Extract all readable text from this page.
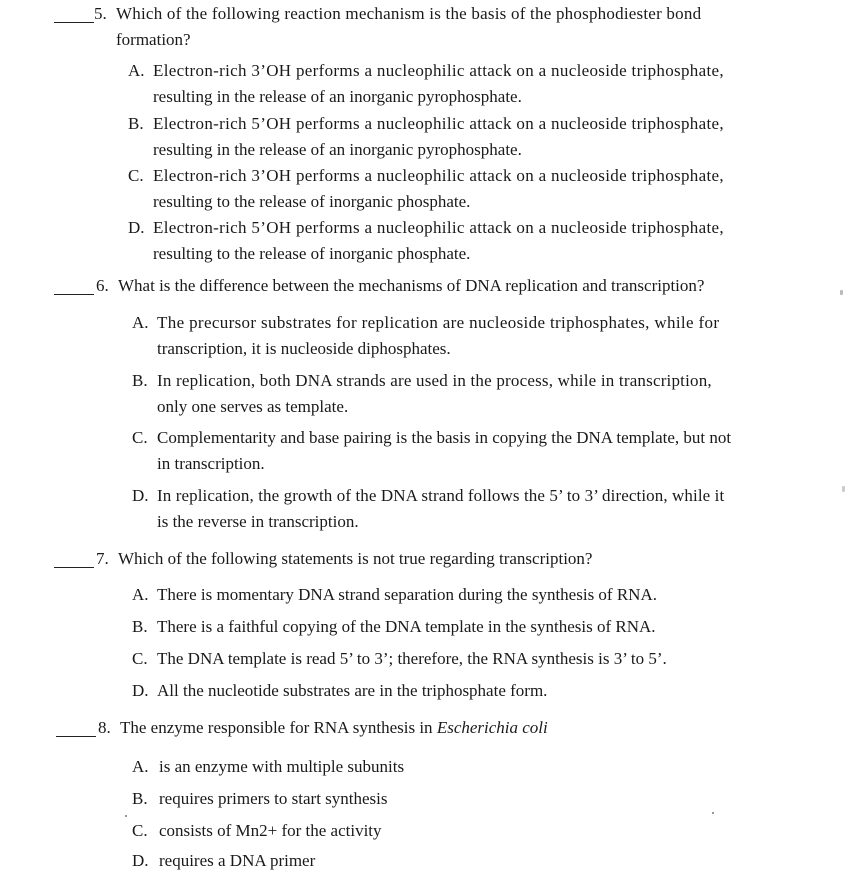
5. Which of the following reaction mechanism is the basis of the phosphodiester bond
formation?
A. Electron-rich 3’OH performs a nucleophilic attack on a nucleoside triphosphate,
resulting in the release of an inorganic pyrophosphate.
B. Electron-rich 5’OH performs a nucleophilic attack on a nucleoside triphosphate,
resulting in the release of an inorganic pyrophosphate.
C. Electron-rich 3’OH performs a nucleophilic attack on a nucleoside triphosphate,
resulting to the release of inorganic phosphate.
D. Electron-rich 5’OH performs a nucleophilic attack on a nucleoside triphosphate,
resulting to the release of inorganic phosphate.
6. What is the difference between the mechanisms of DNA replication and transcription?
A. The precursor substrates for replication are nucleoside triphosphates, while for
transcription, it is nucleoside diphosphates.
B. In replication, both DNA strands are used in the process, while in transcription,
only one serves as template.
C. Complementarity and base pairing is the basis in copying the DNA template, but not
in transcription.
D. In replication, the growth of the DNA strand follows the 5’ to 3’ direction, while it
is the reverse in transcription.
7. Which of the following statements is not true regarding transcription?
A. There is momentary DNA strand separation during the synthesis of RNA.
B. There is a faithful copying of the DNA template in the synthesis of RNA.
C. The DNA template is read 5’ to 3’; therefore, the RNA synthesis is 3’ to 5’.
D. All the nucleotide substrates are in the triphosphate form.
8. The enzyme responsible for RNA synthesis in Escherichia coli
A. is an enzyme with multiple subunits
B. requires primers to start synthesis
C. consists of Mn2+ for the activity
D. requires a DNA primer
